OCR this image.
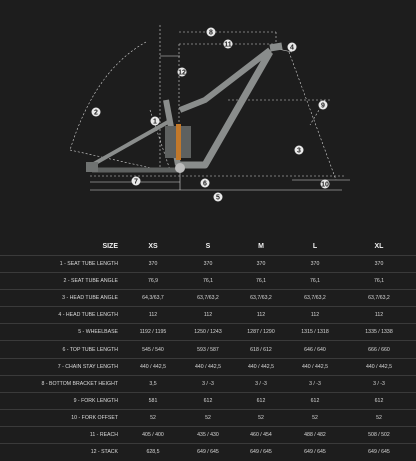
8
11	4
12
9
2
1
3
7	6	10
5
SIZE	XS	S	M	L	XL
1 - SEAT TUBE LENGTH	370	370	370	370	370
2 - SEAT TUBE ANGLE	76,9	76,1	76,1	76,1	76,1
3 - HEAD TUBE ANGLE	64,3/63,7	63,7/63,2	63,7/63,2	63,7/63,2	63,7/63,2
4 - HEAD TUBE LENGTH	112	112	112	112	112
5 - WHEELBASE	1192 / 1195	1250 / 1243	1287 / 1290	1315 / 1318	1335 / 1338
6 - TOP TUBE LENGTH	545 / 540	593 / 587	618 / 612	646 / 640	666 / 660
7 - CHAIN STAY LENGTH	440 / 442,5	440 / 442,5	440 / 442,5	440 / 442,5	440 / 442,5
8 - BOTTOM BRACKET HEIGHT	3,5	3 / -3	3 / -3	3 / -3	3 / -3
9 - FORK LENGTH	581	612	612	612	612
10 - FORK OFFSET	52	52	52	52	52
11 - REACH	405 / 400	435 / 430	460 / 454	488 / 482	508 / 502
12 - STACK	628,5	649 / 645	649 / 645	649 / 645	649 / 645
